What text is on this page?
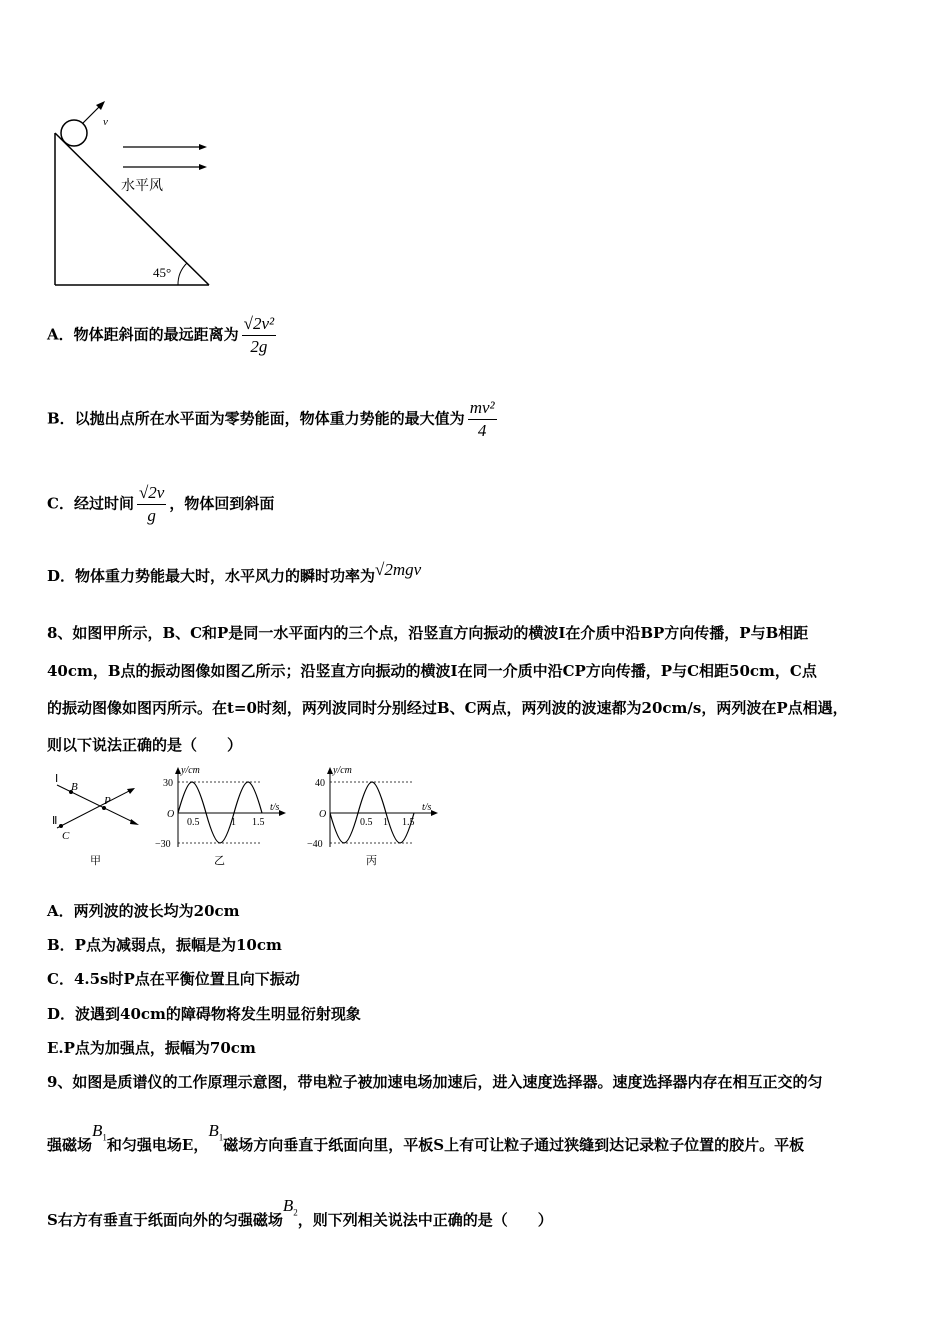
v
水平风
45°
A．物体距斜面的最远距离为 $\frac{\text{√2v²}}{2g}$
B．以抛出点所在水平面为零势能面，物体重力势能的最大值为 $\frac{\text{mv²}}{4}$
C．经过时间 $\frac{√2v}{g}$ ，物体回到斜面
D．物体重力势能最大时，水平风力的瞬时功率为√2mgv
8、如图甲所示，B、C和P是同一水平面内的三个点，沿竖直方向振动的横波Ⅰ在介质中沿BP方向传播，P与B相距
40cm，B点的振动图像如图乙所示；沿竖直方向振动的横波Ⅰ在同一介质中沿CP方向传播，P与C相距50cm，C点
的振动图像如图丙所示。在t=0时刻，两列波同时分别经过B、C两点，两列波的波速都为20cm/s，两列波在P点相遇，
则以下说法正确的是（　　）
Ⅰ
Ⅱ
B
P
C
甲
y/cm
t/s
O
30
−30
0.5	1 1.5
乙
y/cm
t/s
O
40
−40
0.5 1 1.5
丙
A．两列波的波长均为20cm
B．P点为减弱点，振幅是为10cm
C．4.5s时P点在平衡位置且向下振动
D．波遇到40cm的障碍物将发生明显衍射现象
E.P点为加强点，振幅为70cm
9、如图是质谱仪的工作原理示意图，带电粒子被加速电场加速后，进入速度选择器。速度选择器内存在相互正交的匀
强磁场$B_1$和匀强电场E，$B_1$磁场方向垂直于纸面向里，平板S上有可让粒子通过狭缝到达记录粒子位置的胶片。平板
S右方有垂直于纸面向外的匀强磁场$B_2$，则下列相关说法中正确的是（　　）
